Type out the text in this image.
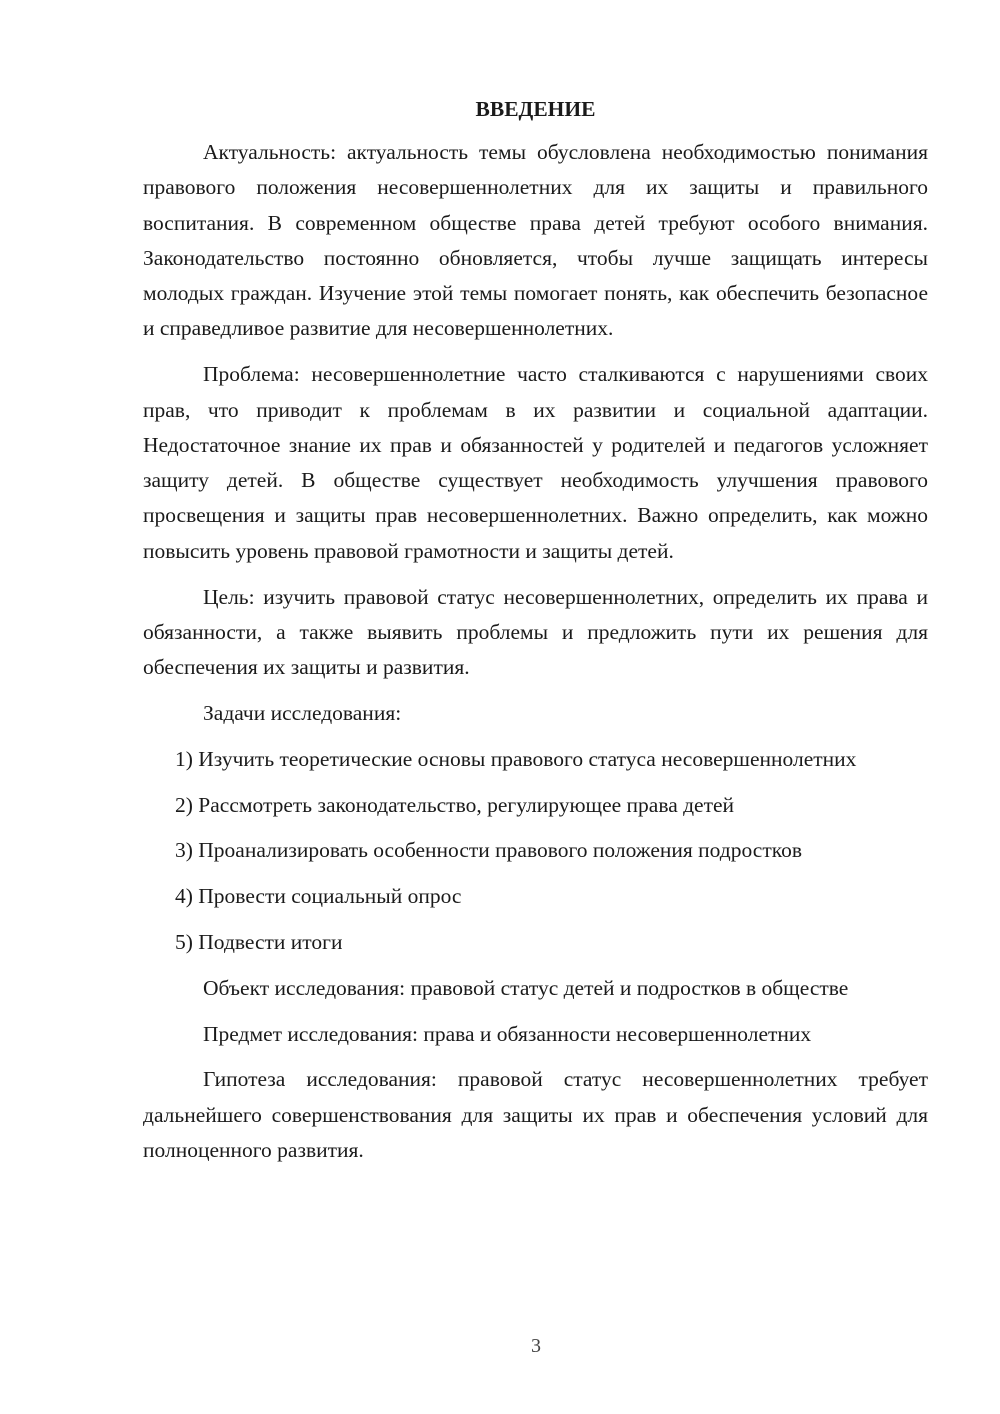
ВВЕДЕНИЕ

Актуальность: актуальность темы обусловлена необходимостью понимания правового положения несовершеннолетних для их защиты и правильного воспитания. В современном обществе права детей требуют особого внимания. Законодательство постоянно обновляется, чтобы лучше защищать интересы молодых граждан. Изучение этой темы помогает понять, как обеспечить безопасное и справедливое развитие для несовершеннолетних.

Проблема: несовершеннолетние часто сталкиваются с нарушениями своих прав, что приводит к проблемам в их развитии и социальной адаптации. Недостаточное знание их прав и обязанностей у родителей и педагогов усложняет защиту детей. В обществе существует необходимость улучшения правового просвещения и защиты прав несовершеннолетних. Важно определить, как можно повысить уровень правовой грамотности и защиты детей.

Цель: изучить правовой статус несовершеннолетних, определить их права и обязанности, а также выявить проблемы и предложить пути их решения для обеспечения их защиты и развития.

Задачи исследования:

1) Изучить теоретические основы правового статуса несовершеннолетних

2) Рассмотреть законодательство, регулирующее права детей

3) Проанализировать особенности правового положения подростков

4) Провести социальный опрос

5) Подвести итоги

Объект исследования: правовой статус детей и подростков в обществе

Предмет исследования: права и обязанности несовершеннолетних

Гипотеза исследования: правовой статус несовершеннолетних требует дальнейшего совершенствования для защиты их прав и обеспечения условий для полноценного развития.

3
